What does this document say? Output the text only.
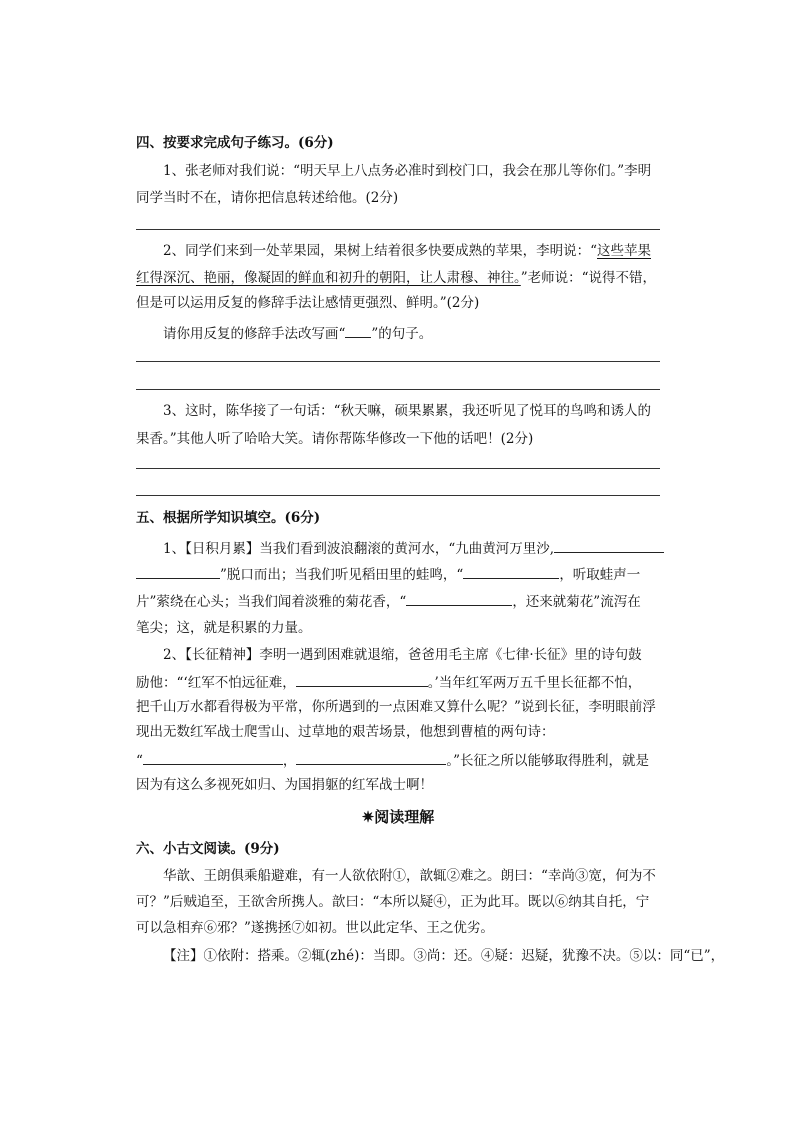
四、按要求完成句子练习。(6分)
1、张老师对我们说：“明天早上八点务必准时到校门口，我会在那儿等你们。”李明
同学当时不在，请你把信息转述给他。(2分)
2、同学们来到一处苹果园，果树上结着很多快要成熟的苹果，李明说：“这些苹果
红得深沉、艳丽，像凝固的鲜血和初升的朝阳，让人肃穆、神往。”老师说：“说得不错，
但是可以运用反复的修辞手法让感情更强烈、鲜明。”(2分)
请你用反复的修辞手法改写画“ ”的句子。
3、这时，陈华接了一句话：“秋天嘛，硕果累累，我还听见了悦耳的鸟鸣和诱人的
果香。”其他人听了哈哈大笑。请你帮陈华修改一下他的话吧！(2分)
五、根据所学知识填空。(6分)
1、【日积月累】当我们看到波浪翻滚的黄河水，“九曲黄河万里沙,
”脱口而出；当我们听见稻田里的蛙鸣，“	，听取蛙声一
片”萦绕在心头；当我们闻着淡雅的菊花香，“	，还来就菊花”流泻在
笔尖；这，就是积累的力量。
2、【长征精神】李明一遇到困难就退缩，爸爸用毛主席《七律·长征》里的诗句鼓
励他：“‘红军不怕远征难，	。’当年红军两万五千里长征都不怕，
把千山万水都看得极为平常，你所遇到的一点困难又算什么呢？”说到长征，李明眼前浮
现出无数红军战士爬雪山、过草地的艰苦场景，他想到曹植的两句诗：
“	，	。”长征之所以能够取得胜利，就是
因为有这么多视死如归、为国捐躯的红军战士啊！
✷阅读理解
六、小古文阅读。(9分)
华歆、王朗俱乘船避难，有一人欲依附①，歆辄②难之。朗曰：“幸尚③宽，何为不
可？”后贼追至，王欲舍所携人。歆曰：“本所以疑④，正为此耳。既以⑥纳其自托，宁
可以急相弃⑥邪？”遂携拯⑦如初。世以此定华、王之优劣。
【注】①依附：搭乘。②辄(zhé)：当即。③尚：还。④疑：迟疑，犹豫不决。⑤以：同“已”，
